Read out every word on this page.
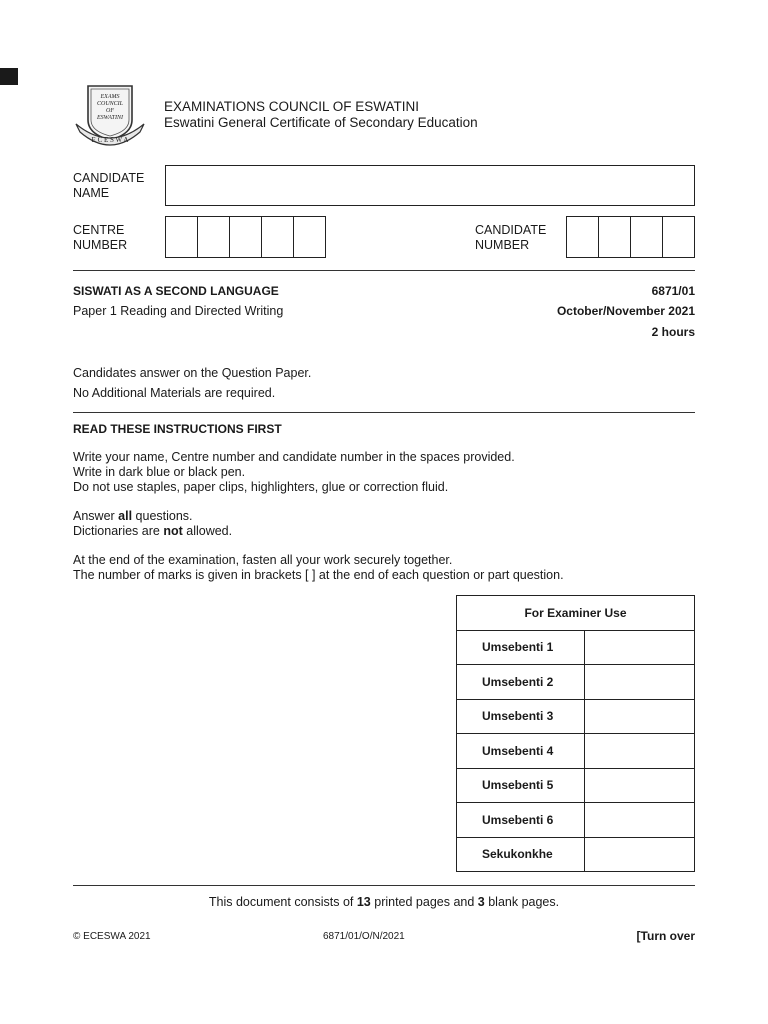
EXAMS
COUNCIL
OF
ESWATINI
E C E S W A
EXAMINATIONS COUNCIL OF ESWATINI
Eswatini General Certificate of Secondary Education
CANDIDATE
NAME
CENTRE
NUMBER
CANDIDATE
NUMBER
SISWATI AS A SECOND LANGUAGE	6871/01
Paper 1 Reading and Directed Writing	October/November 2021
2 hours
Candidates answer on the Question Paper.
No Additional Materials are required.
READ THESE INSTRUCTIONS FIRST
Write your name, Centre number and candidate number in the spaces provided.
Write in dark blue or black pen.
Do not use staples, paper clips, highlighters, glue or correction fluid.
Answer all questions.
Dictionaries are not allowed.
At the end of the examination, fasten all your work securely together.
The number of marks is given in brackets [ ] at the end of each question or part question.
For Examiner Use	
Umsebenti 1	
Umsebenti 2	
Umsebenti 3	
Umsebenti 4	
Umsebenti 5	
Umsebenti 6	
Sekukonkhe	
This document consists of 13 printed pages and 3 blank pages.
© ECESWA 2021	6871/01/O/N/2021	[Turn over
